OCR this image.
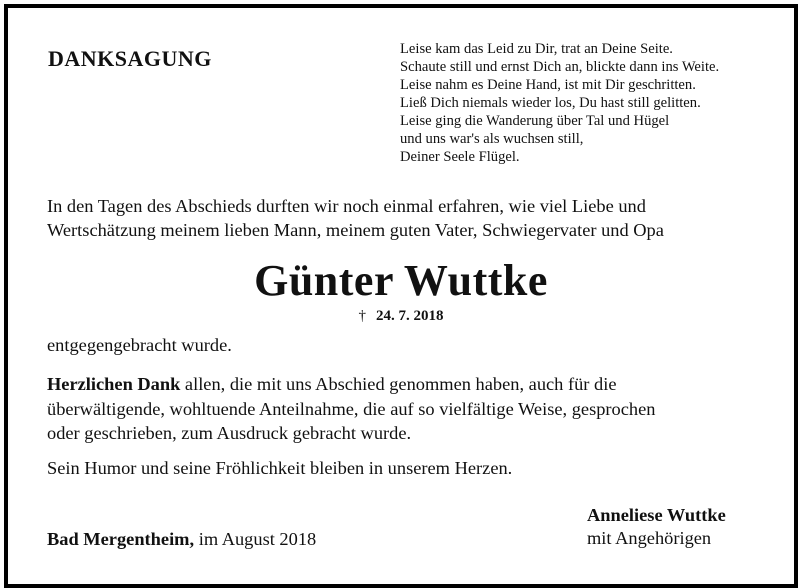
DANKSAGUNG	Leise kam das Leid zu Dir, trat an Deine Seite.
Schaute still und ernst Dich an, blickte dann ins Weite.
Leise nahm es Deine Hand, ist mit Dir geschritten.
Ließ Dich niemals wieder los, Du hast still gelitten.
Leise ging die Wanderung über Tal und Hügel
und uns war's als wuchsen still,
Deiner Seele Flügel.
In den Tagen des Abschieds durften wir noch einmal erfahren, wie viel Liebe und
Wertschätzung meinem lieben Mann, meinem guten Vater, Schwiegervater und Opa
Günter Wuttke
† 24. 7. 2018
entgegengebracht wurde.
Herzlichen Dank allen, die mit uns Abschied genommen haben, auch für die
überwältigende, wohltuende Anteilnahme, die auf so vielfältige Weise, gesprochen
oder geschrieben, zum Ausdruck gebracht wurde.
Sein Humor und seine Fröhlichkeit bleiben in unserem Herzen.
Bad Mergentheim, im August 2018
Anneliese Wuttke
mit Angehörigen
